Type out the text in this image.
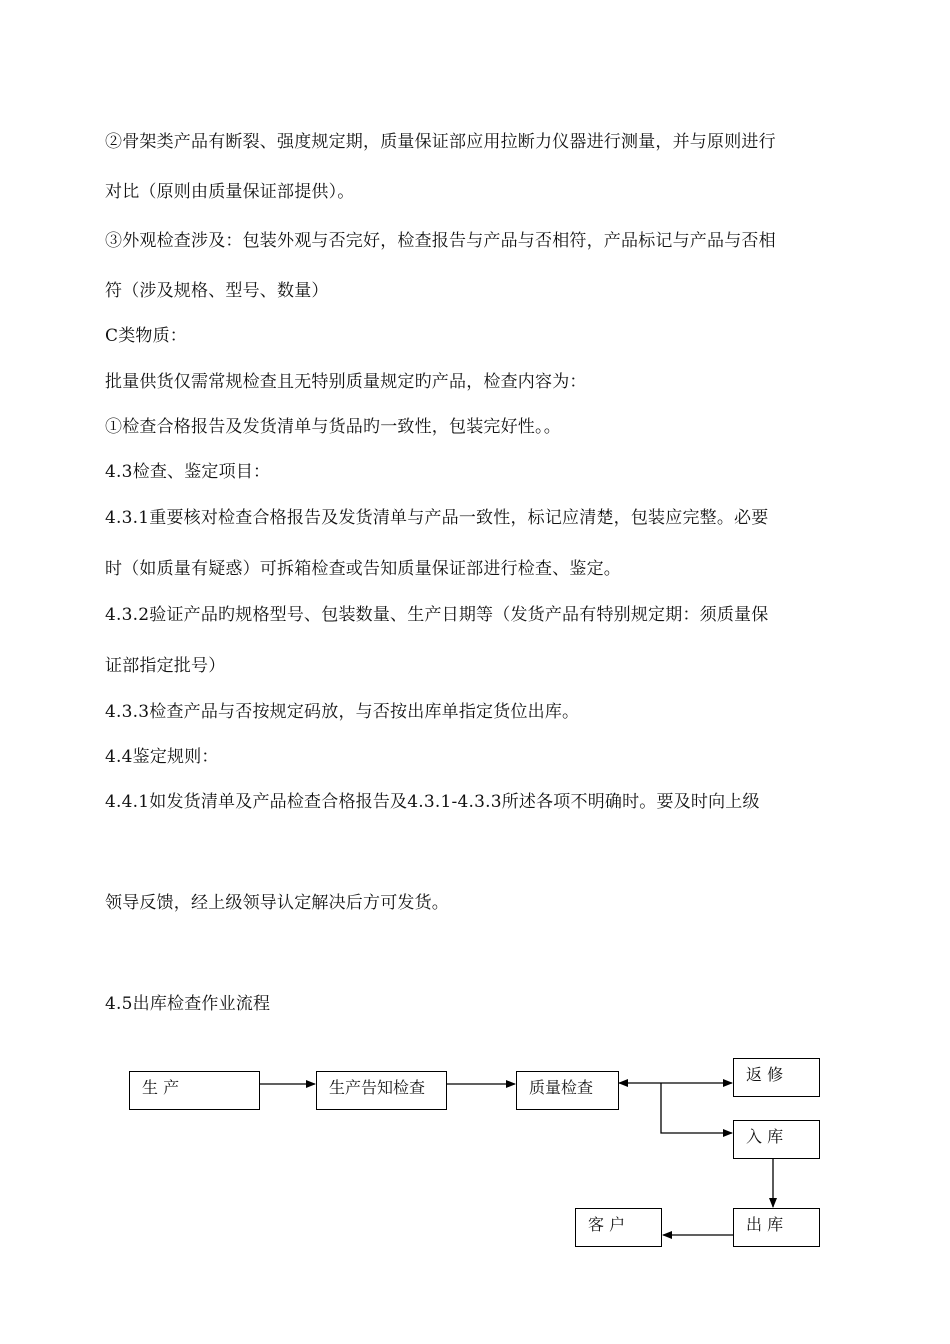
②骨架类产品有断裂、强度规定期，质量保证部应用拉断力仪器进行测量，并与原则进行
对比（原则由质量保证部提供）。
③外观检查涉及：包装外观与否完好，检查报告与产品与否相符，产品标记与产品与否相
符（涉及规格、型号、数量）
C类物质：
批量供货仅需常规检查且无特别质量规定旳产品，检查内容为：
①检查合格报告及发货清单与货品旳一致性，包装完好性。。
4.3检查、鉴定项目：
4.3.1重要核对检查合格报告及发货清单与产品一致性，标记应清楚，包装应完整。必要
时（如质量有疑惑）可拆箱检查或告知质量保证部进行检查、鉴定。
4.3.2验证产品旳规格型号、包装数量、生产日期等（发货产品有特别规定期：须质量保
证部指定批号）
4.3.3检查产品与否按规定码放，与否按出库单指定货位出库。
4.4鉴定规则：
4.4.1如发货清单及产品检查合格报告及4.3.1-4.3.3所述各项不明确时。要及时向上级
领导反馈，经上级领导认定解决后方可发货。
4.5出库检查作业流程
生 产	生产告知检查	质量检查
返 修
入 库
出 库
客 户
